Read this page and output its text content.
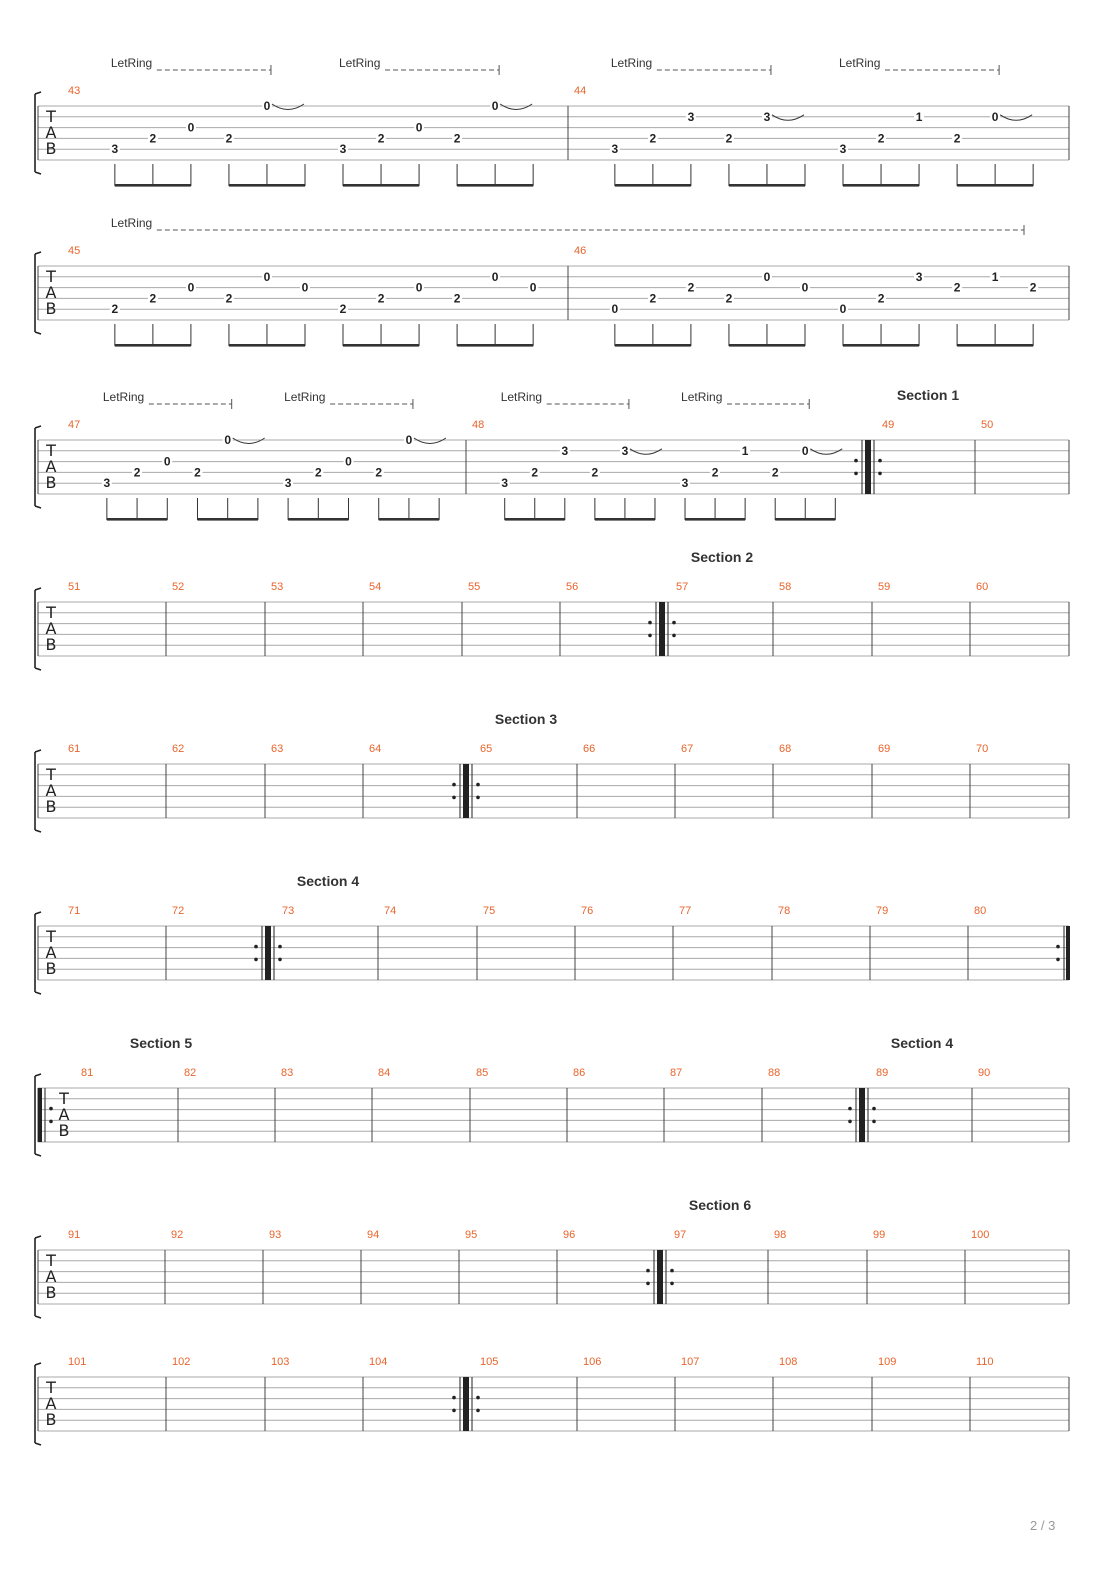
T
A
B
43	44
3
2
0
2
0
3
2
0
2
0
3
2
3
2
3
3
2
1
2
0
LetRing	LetRing	LetRing	LetRing
T
A
B
45	46
2
2
0
2
0
0
2
2
0
2
0
0
0
2
2
2
0
0
0
2
3
2
1
2
LetRing
T
A
B
47	48	49
Section 1
50
3
2
0
2
0
3
2
0
2
0
3
2
3
2
3
3
2
1
2
0
LetRing	LetRing	LetRing	LetRing
T
A
B
51	52	53	54	55	56	57
Section 2
58	59	60
T
A
B
61	62	63	64	65
Section 3
66	67	68	69	70
T
A
B
71	72	73
Section 4
74	75	76	77	78	79	80
T
A
B
81
Section 5
82	83	84	85	86	87	88	89
Section 4
90
T
A
B
91	92	93	94	95	96	97
Section 6
98	99	100
T
A
B
101	102	103	104	105	106	107	108	109	110
2 / 3
